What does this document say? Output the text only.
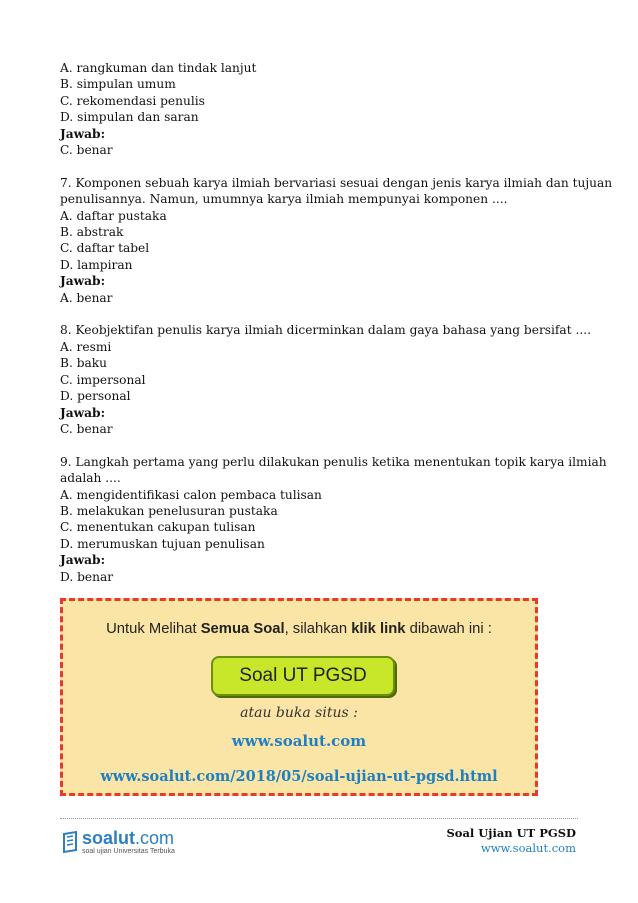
A. rangkuman dan tindak lanjut
B. simpulan umum
C. rekomendasi penulis
D. simpulan dan saran
Jawab:
C. benar
7. Komponen sebuah karya ilmiah bervariasi sesuai dengan jenis karya ilmiah dan tujuan
penulisannya. Namun, umumnya karya ilmiah mempunyai komponen ....
A. daftar pustaka
B. abstrak
C. daftar tabel
D. lampiran
Jawab:
A. benar
8. Keobjektifan penulis karya ilmiah dicerminkan dalam gaya bahasa yang bersifat ....
A. resmi
B. baku
C. impersonal
D. personal
Jawab:
C. benar
9. Langkah pertama yang perlu dilakukan penulis ketika menentukan topik karya ilmiah
adalah ....
A. mengidentifikasi calon pembaca tulisan
B. melakukan penelusuran pustaka
C. menentukan cakupan tulisan
D. merumuskan tujuan penulisan
Jawab:
D. benar
Untuk Melihat Semua Soal, silahkan klik link dibawah ini :
Soal UT PGSD
atau buka situs :
www.soalut.com
www.soalut.com/2018/05/soal-ujian-ut-pgsd.html
soalut.com
soal ujian Universitas Terbuka
Soal Ujian UT PGSD
www.soalut.com
